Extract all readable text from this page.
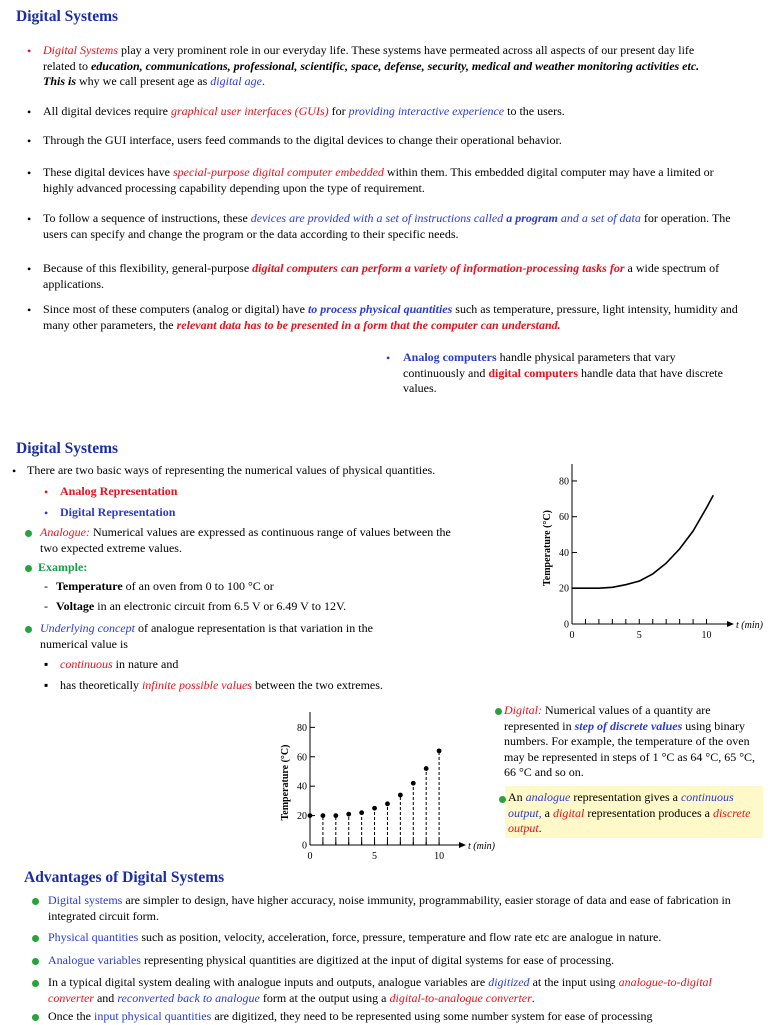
Digital Systems
• Digital Systems play a very prominent role in our everyday life. These systems have permeated across all aspects of our present day life related to education, communications, professional, scientific, space, defense, security, medical and weather monitoring activities etc. This is why we call present age as digital age.
• All digital devices require graphical user interfaces (GUIs) for providing interactive experience to the users.
• Through the GUI interface, users feed commands to the digital devices to change their operational behavior.
• These digital devices have special-purpose digital computer embedded within them. This embedded digital computer may have a limited or highly advanced processing capability depending upon the type of requirement.
• To follow a sequence of instructions, these devices are provided with a set of instructions called a program and a set of data for operation. The users can specify and change the program or the data according to their specific needs.
• Because of this flexibility, general-purpose digital computers can perform a variety of information-processing tasks for a wide spectrum of applications.
• Since most of these computers (analog or digital) have to process physical quantities such as temperature, pressure, light intensity, humidity and many other parameters, the relevant data has to be presented in a form that the computer can understand.
• Analog computers handle physical parameters that vary continuously and digital computers handle data that have discrete values.
Digital Systems
• There are two basic ways of representing the numerical values of physical quantities.
• Analog Representation
• Digital Representation
Analogue: Numerical values are expressed as continuous range of values between the two expected extreme values.
Example:
- Temperature of an oven from 0 to 100 °C or
- Voltage in an electronic circuit from 6.5 V or 6.49 V to 12V.
Underlying concept of analogue representation is that variation in the numerical value is
▪ continuous in nature and
▪ has theoretically infinite possible values between the two extremes.
0
20
40
60
80
0	5	10
t (min)
Temperature (°C)
0
20
40
60
80
0	5	10
t (min)
Temperature (°C)
Digital: Numerical values of a quantity are represented in step of discrete values using binary numbers. For example, the temperature of the oven may be represented in steps of 1 °C as 64 °C, 65 °C, 66 °C and so on.
An analogue representation gives a continuous output, a digital representation produces a discrete output.
Advantages of Digital Systems
Digital systems are simpler to design, have higher accuracy, noise immunity, programmability, easier storage of data and ease of fabrication in integrated circuit form.
Physical quantities such as position, velocity, acceleration, force, pressure, temperature and flow rate etc are analogue in nature.
Analogue variables representing physical quantities are digitized at the input of digital systems for ease of processing.
In a typical digital system dealing with analogue inputs and outputs, analogue variables are digitized at the input using analogue-to-digital converter and reconverted back to analogue form at the output using a digital-to-analogue converter.
Once the input physical quantities are digitized, they need to be represented using some number system for ease of processing
